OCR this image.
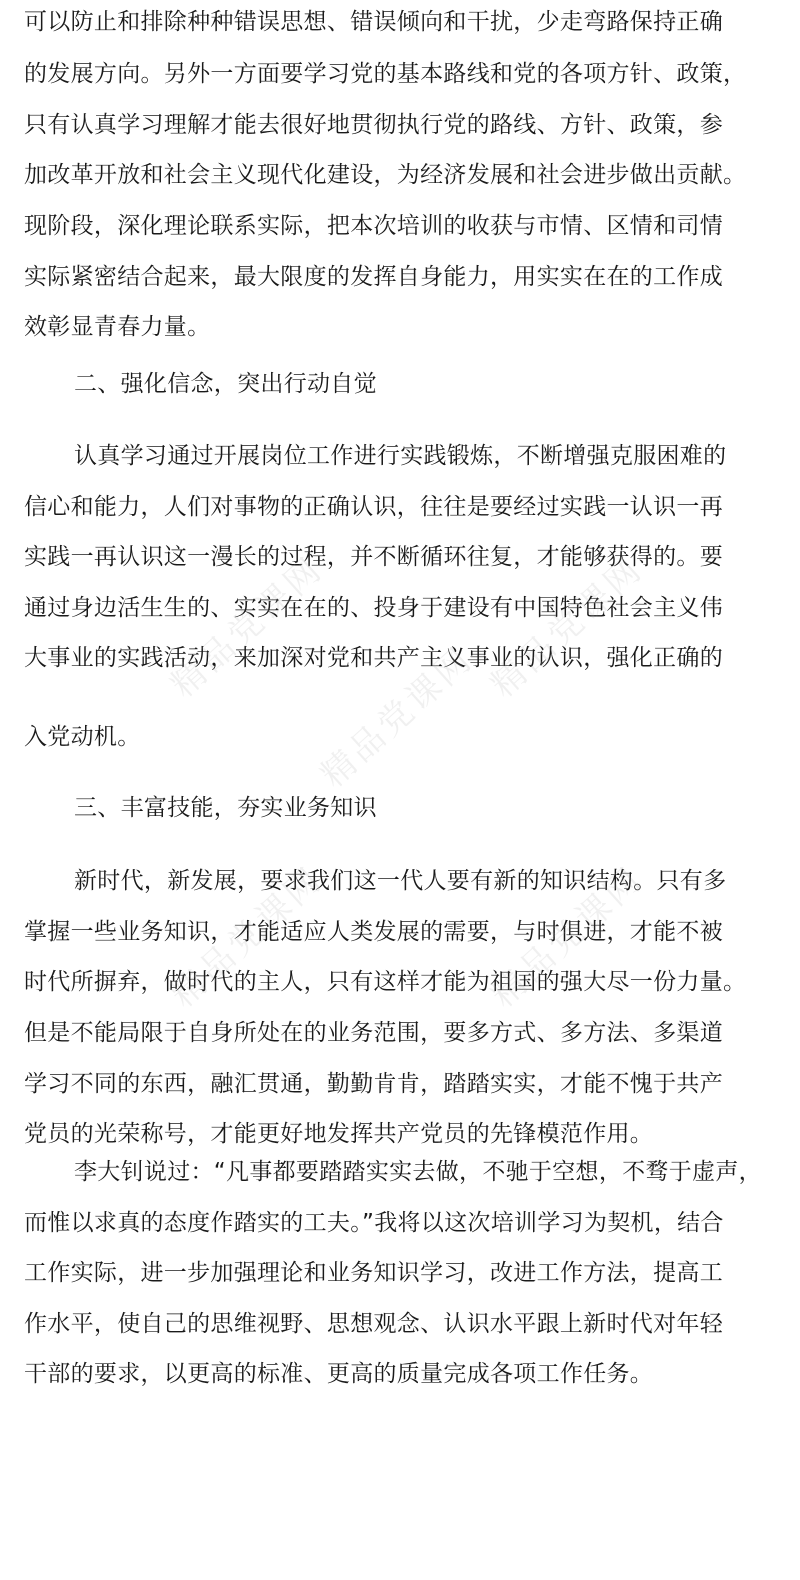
可以防止和排除种种错误思想、错误倾向和干扰，少走弯路保持正确
的发展方向。另外一方面要学习党的基本路线和党的各项方针、政策，
只有认真学习理解才能去很好地贯彻执行党的路线、方针、政策，参
加改革开放和社会主义现代化建设，为经济发展和社会进步做出贡献。
现阶段，深化理论联系实际，把本次培训的收获与市情、区情和司情
实际紧密结合起来，最大限度的发挥自身能力，用实实在在的工作成
效彰显青春力量。
二、强化信念，突出行动自觉
认真学习通过开展岗位工作进行实践锻炼，不断增强克服困难的
信心和能力，人们对事物的正确认识，往往是要经过实践一认识一再
实践一再认识这一漫长的过程，并不断循环往复，才能够获得的。要
通过身边活生生的、实实在在的、投身于建设有中国特色社会主义伟
大事业的实践活动，来加深对党和共产主义事业的认识，强化正确的
入党动机。
三、丰富技能，夯实业务知识
新时代，新发展，要求我们这一代人要有新的知识结构。只有多
掌握一些业务知识，才能适应人类发展的需要，与时俱进，才能不被
时代所摒弃，做时代的主人，只有这样才能为祖国的强大尽一份力量。
但是不能局限于自身所处在的业务范围，要多方式、多方法、多渠道
学习不同的东西，融汇贯通，勤勤肯肯，踏踏实实，才能不愧于共产
党员的光荣称号，才能更好地发挥共产党员的先锋模范作用。
李大钊说过：“凡事都要踏踏实实去做，不驰于空想，不骛于虚声，
而惟以求真的态度作踏实的工夫。”我将以这次培训学习为契机，结合
工作实际，进一步加强理论和业务知识学习，改进工作方法，提高工
作水平，使自己的思维视野、思想观念、认识水平跟上新时代对年轻
干部的要求，以更高的标准、更高的质量完成各项工作任务。
精品党课网	精品党课网
精品党课网
精品党课网	精品党课网
